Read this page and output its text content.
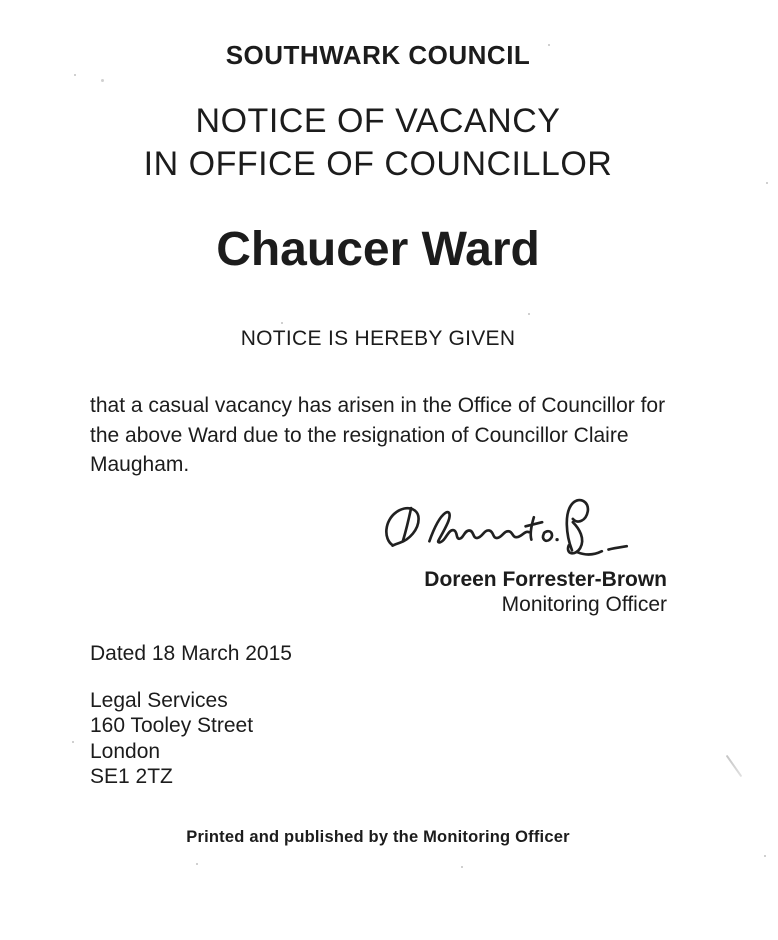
SOUTHWARK COUNCIL
NOTICE OF VACANCY
IN OFFICE OF COUNCILLOR
Chaucer Ward
NOTICE IS HEREBY GIVEN

that a casual vacancy has arisen in the Office of Councillor for the above Ward due to the resignation of Councillor Claire Maugham.

Doreen Forrester-Brown
Monitoring Officer
Dated 18 March 2015
Legal Services
160 Tooley Street
London
SE1 2TZ
Printed and published by the Monitoring Officer
